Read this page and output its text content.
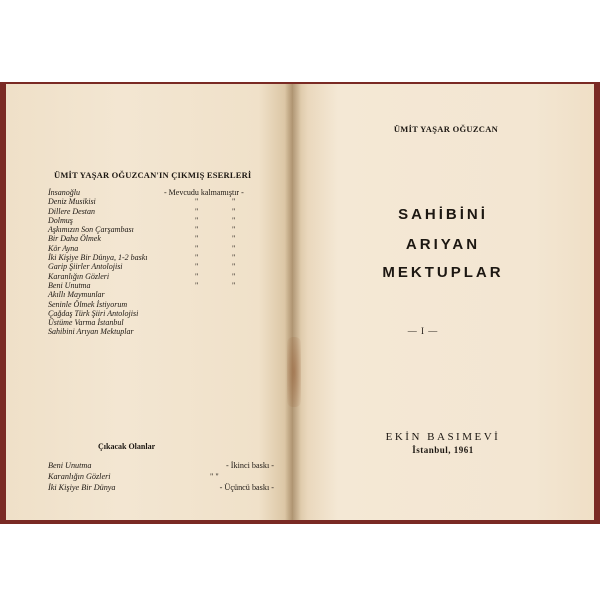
ÜMİT YAŞAR OĞUZCAN'IN ÇIKMIŞ ESERLERİ
İnsanoğlu	- Mevcudu kalmamıştır -
Deniz Musikisi	"	"
Dillere Destan	"	"
Dolmuş	"	"
Aşkımızın Son Çarşambası	"	"
Bir Daha Ölmek	"	"
Kör Ayna	"	"
İki Kişiye Bir Dünya, 1-2 baskı	"	"
Garip Şiirler Antolojisi	"	"
Karanlığın Gözleri	"	"
Beni Unutma	"	"
Akıllı Maymunlar
Seninle Ölmek İstiyorum
Çağdaş Türk Şiiri Antolojisi
Üstüme Varma İstanbul
Sahibini Arıyan Mektuplar
Çıkacak Olanlar
Beni Unutma	- İkinci baskı -
Karanlığın Gözleri	" "
İki Kişiye Bir Dünya	- Üçüncü baskı -
ÜMİT YAŞAR OĞUZCAN
SAHİBİNİ
ARIYAN
MEKTUPLAR
— I —
EKİN BASIMEVİ
İstanbul, 1961
